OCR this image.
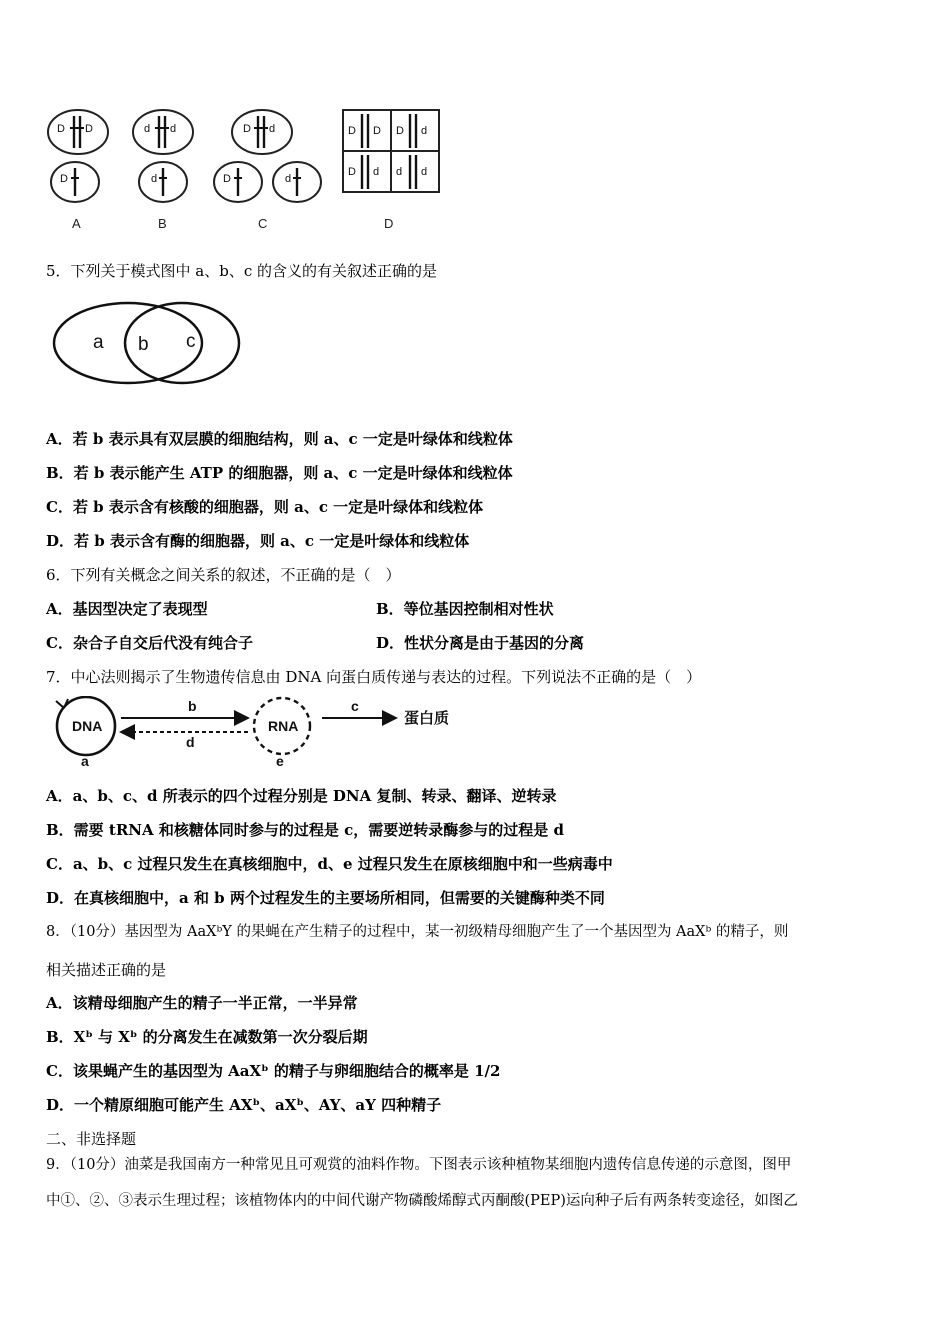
D D
D
d d
d
D d
D	d
D D D d
D d d d
A	B	C	D
5．下列关于模式图中 a、b、c 的含义的有关叙述正确的是
a b c
A．若 b 表示具有双层膜的细胞结构，则 a、c 一定是叶绿体和线粒体
B．若 b 表示能产生 ATP 的细胞器，则 a、c 一定是叶绿体和线粒体
C．若 b 表示含有核酸的细胞器，则 a、c 一定是叶绿体和线粒体
D．若 b 表示含有酶的细胞器，则 a、c 一定是叶绿体和线粒体
6．下列有关概念之间关系的叙述，不正确的是（　）
A．基因型决定了表现型	B．等位基因控制相对性状
C．杂合子自交后代没有纯合子	D．性状分离是由于基因的分离
7．中心法则揭示了生物遗传信息由 DNA 向蛋白质传递与表达的过程。下列说法不正确的是（　）
DNA
b
d
a
RNA
e
c
蛋白质
A．a、b、c、d 所表示的四个过程分别是 DNA 复制、转录、翻译、逆转录
B．需要 tRNA 和核糖体同时参与的过程是 c，需要逆转录酶参与的过程是 d
C．a、b、c 过程只发生在真核细胞中，d、e 过程只发生在原核细胞中和一些病毒中
D．在真核细胞中，a 和 b 两个过程发生的主要场所相同，但需要的关键酶种类不同
8．（10分）基因型为 AaXᵇY 的果蝇在产生精子的过程中，某一初级精母细胞产生了一个基因型为 AaXᵇ 的精子，则
相关描述正确的是
A．该精母细胞产生的精子一半正常，一半异常
B．Xᵇ 与 Xᵇ 的分离发生在减数第一次分裂后期
C．该果蝇产生的基因型为 AaXᵇ 的精子与卵细胞结合的概率是 1/2
D．一个精原细胞可能产生 AXᵇ、aXᵇ、AY、aY 四种精子
二、非选择题
9．（10分）油菜是我国南方一种常见且可观赏的油料作物。下图表示该种植物某细胞内遗传信息传递的示意图，图甲
中①、②、③表示生理过程；该植物体内的中间代谢产物磷酸烯醇式丙酮酸(PEP)运向种子后有两条转变途径，如图乙
